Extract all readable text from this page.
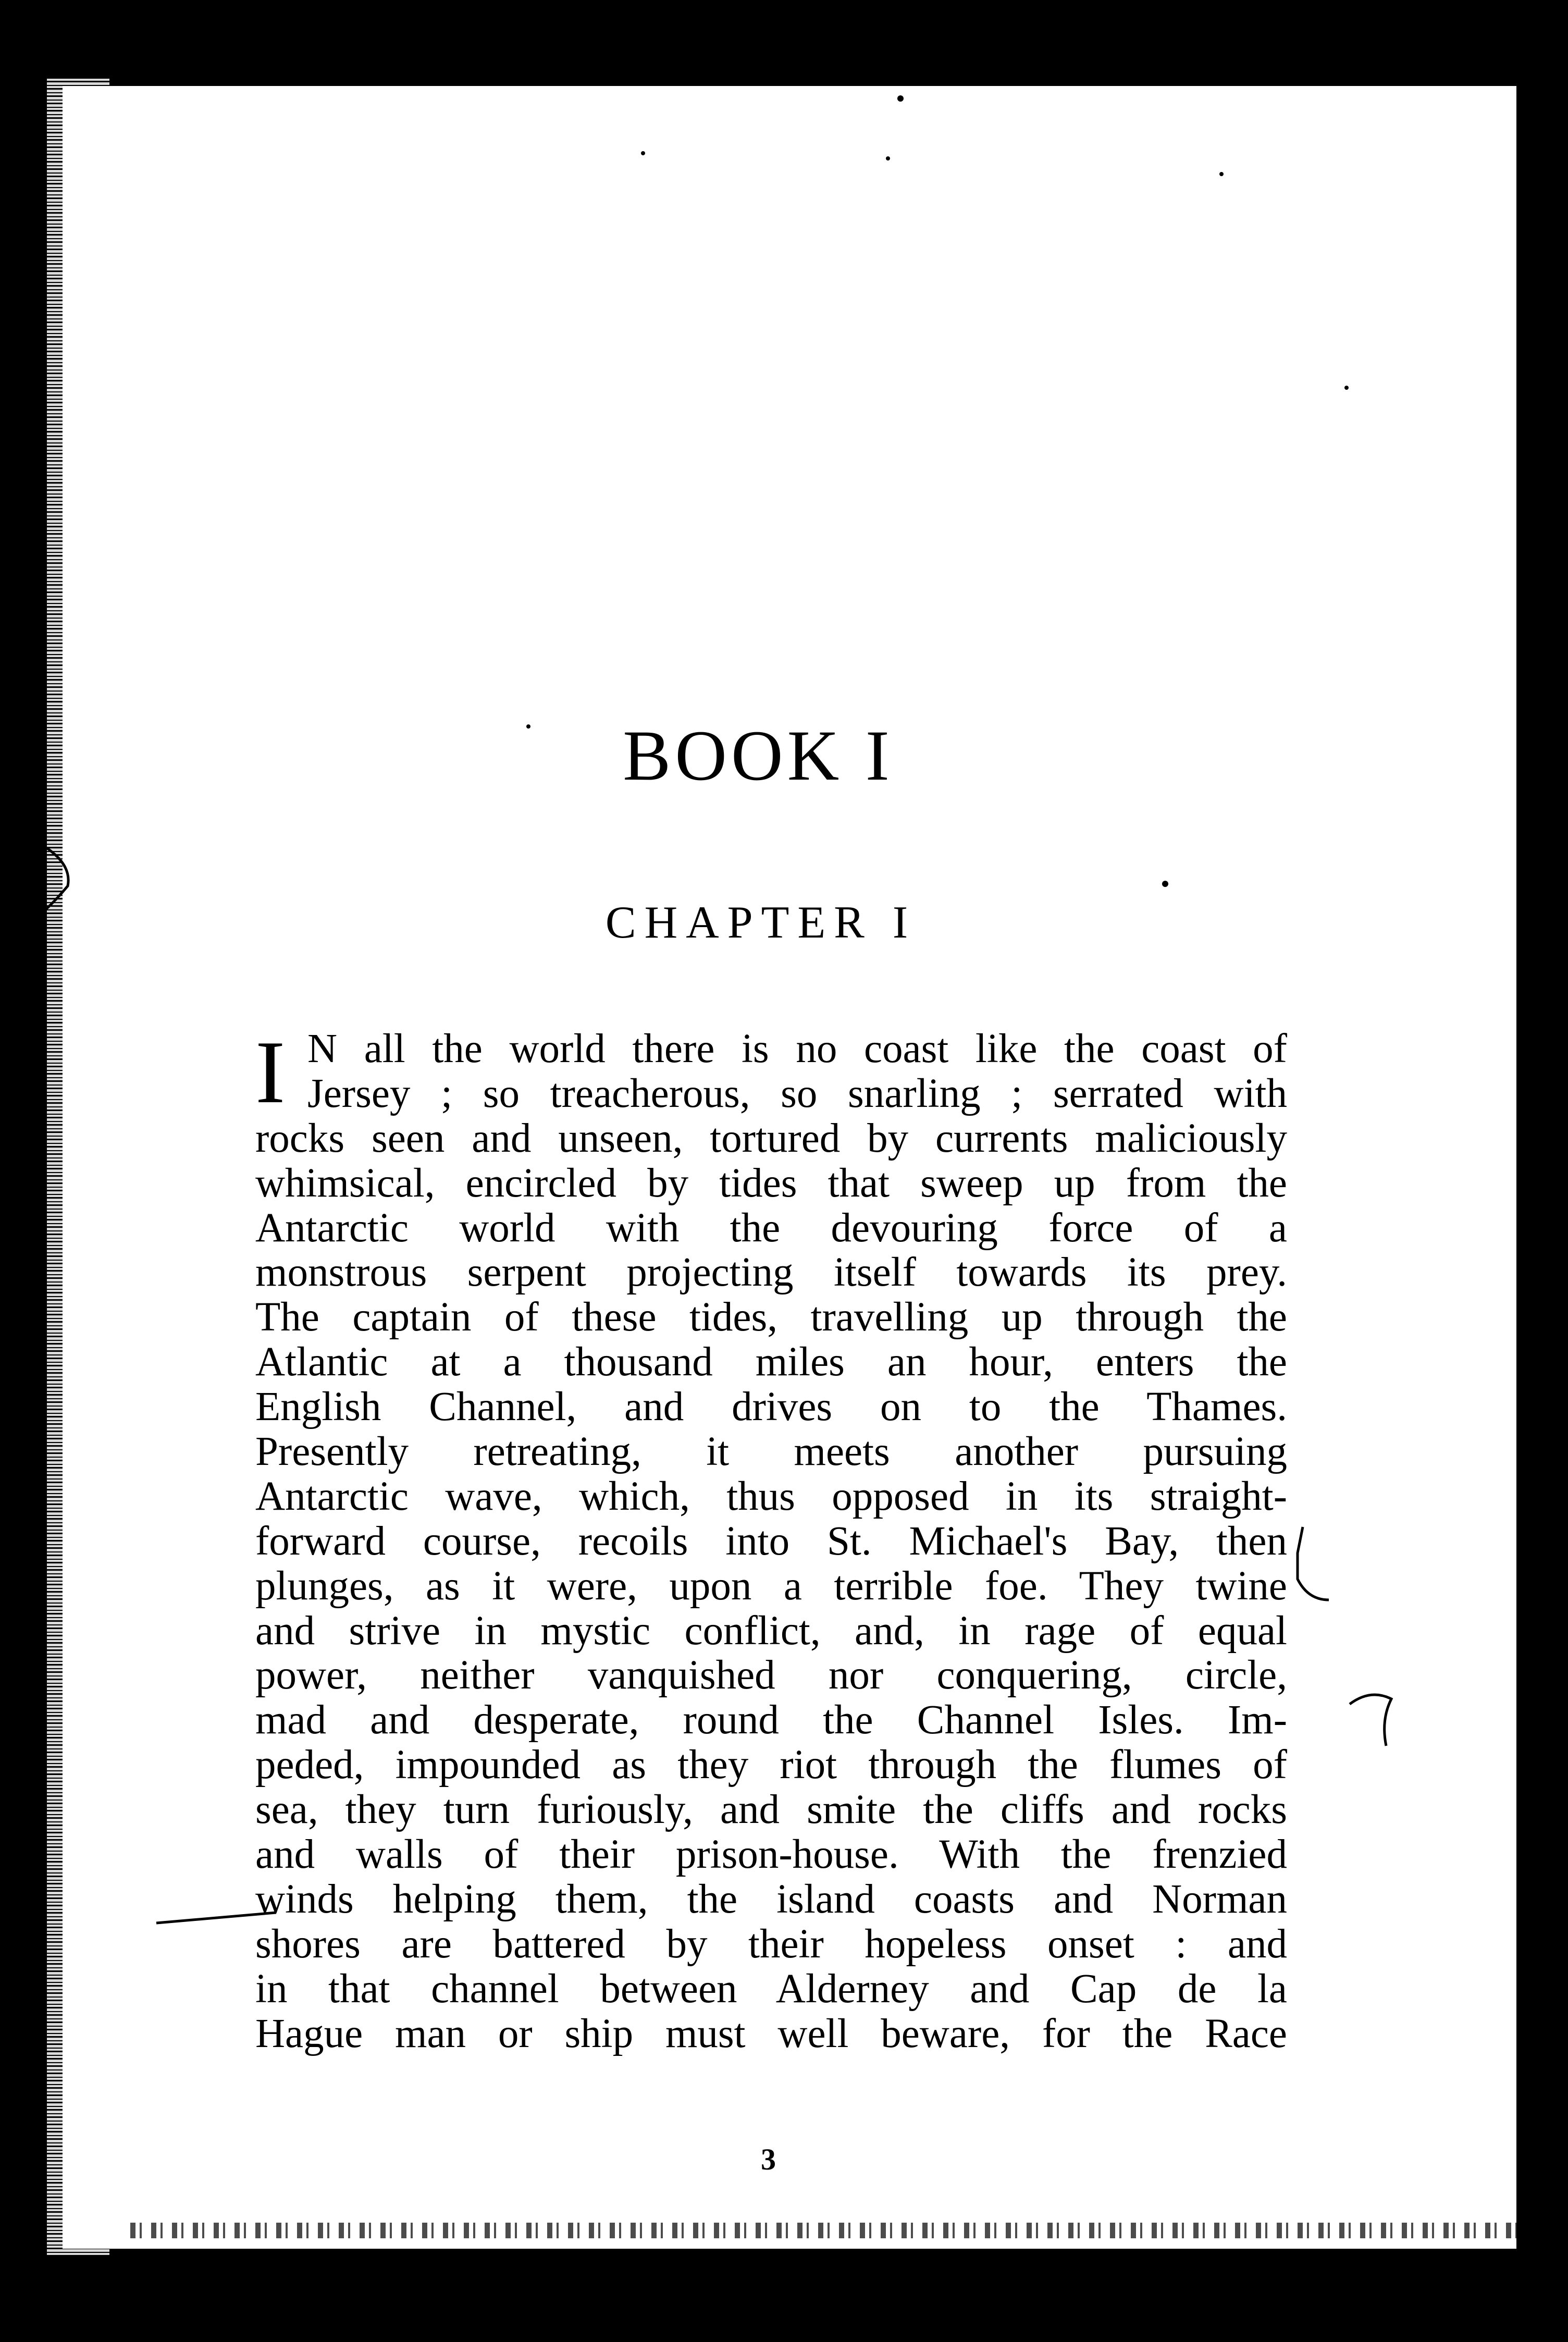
BOOK I
CHAPTER I
I N all the world there is no coast like the coast of
Jersey ; so treacherous, so snarling ; serrated with
rocks seen and unseen, tortured by currents maliciously
whimsical, encircled by tides that sweep up from the
Antarctic world with the devouring force of a
monstrous serpent projecting itself towards its prey.
The captain of these tides, travelling up through the
Atlantic at a thousand miles an hour, enters the
English Channel, and drives on to the Thames.
Presently retreating, it meets another pursuing
Antarctic wave, which, thus opposed in its straight-
forward course, recoils into St. Michael's Bay, then
plunges, as it were, upon a terrible foe. They twine
and strive in mystic conflict, and, in rage of equal
power, neither vanquished nor conquering, circle,
mad and desperate, round the Channel Isles. Im-
peded, impounded as they riot through the flumes of
sea, they turn furiously, and smite the cliffs and rocks
and walls of their prison-house. With the frenzied
winds helping them, the island coasts and Norman
shores are battered by their hopeless onset : and
in that channel between Alderney and Cap de la
Hague man or ship must well beware, for the Race
3
